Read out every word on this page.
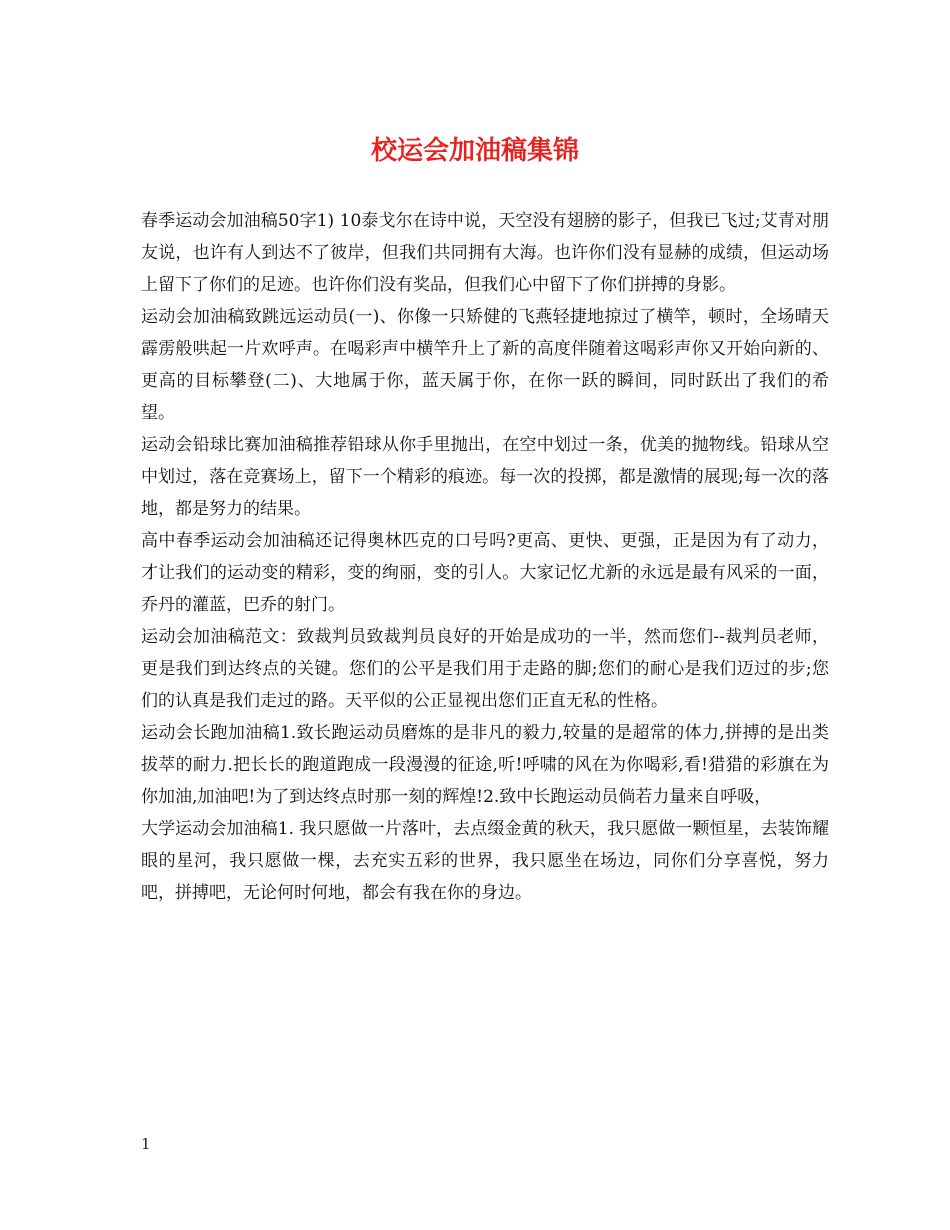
校运会加油稿集锦

春季运动会加油稿50字1) 10泰戈尔在诗中说，天空没有翅膀的影子，但我已飞过;艾青对朋友说，也许有人到达不了彼岸，但我们共同拥有大海。也许你们没有显赫的成绩，但运动场上留下了你们的足迹。也许你们没有奖品，但我们心中留下了你们拼搏的身影。

运动会加油稿致跳远运动员(一)、你像一只矫健的飞燕轻捷地掠过了横竿，顿时，全场晴天霹雳般哄起一片欢呼声。在喝彩声中横竿升上了新的高度伴随着这喝彩声你又开始向新的、更高的目标攀登(二)、大地属于你，蓝天属于你，在你一跃的瞬间，同时跃出了我们的希望。

运动会铅球比赛加油稿推荐铅球从你手里抛出，在空中划过一条，优美的抛物线。铅球从空中划过，落在竞赛场上，留下一个精彩的痕迹。每一次的投掷，都是激情的展现;每一次的落地，都是努力的结果。

高中春季运动会加油稿还记得奥林匹克的口号吗?更高、更快、更强，正是因为有了动力，才让我们的运动变的精彩，变的绚丽，变的引人。大家记忆尤新的永远是最有风采的一面，乔丹的灌蓝，巴乔的射门。

运动会加油稿范文：致裁判员致裁判员良好的开始是成功的一半，然而您们--裁判员老师，更是我们到达终点的关键。您们的公平是我们用于走路的脚;您们的耐心是我们迈过的步;您们的认真是我们走过的路。天平似的公正显视出您们正直无私的性格。

运动会长跑加油稿1.致长跑运动员磨炼的是非凡的毅力,较量的是超常的体力,拼搏的是出类拔萃的耐力.把长长的跑道跑成一段漫漫的征途,听!呼啸的风在为你喝彩,看!猎猎的彩旗在为你加油,加油吧!为了到达终点时那一刻的辉煌!2.致中长跑运动员倘若力量来自呼吸，

大学运动会加油稿1. 我只愿做一片落叶，去点缀金黄的秋天，我只愿做一颗恒星，去装饰耀眼的星河，我只愿做一棵，去充实五彩的世界，我只愿坐在场边，同你们分享喜悦，努力吧，拼搏吧，无论何时何地，都会有我在你的身边。

1
